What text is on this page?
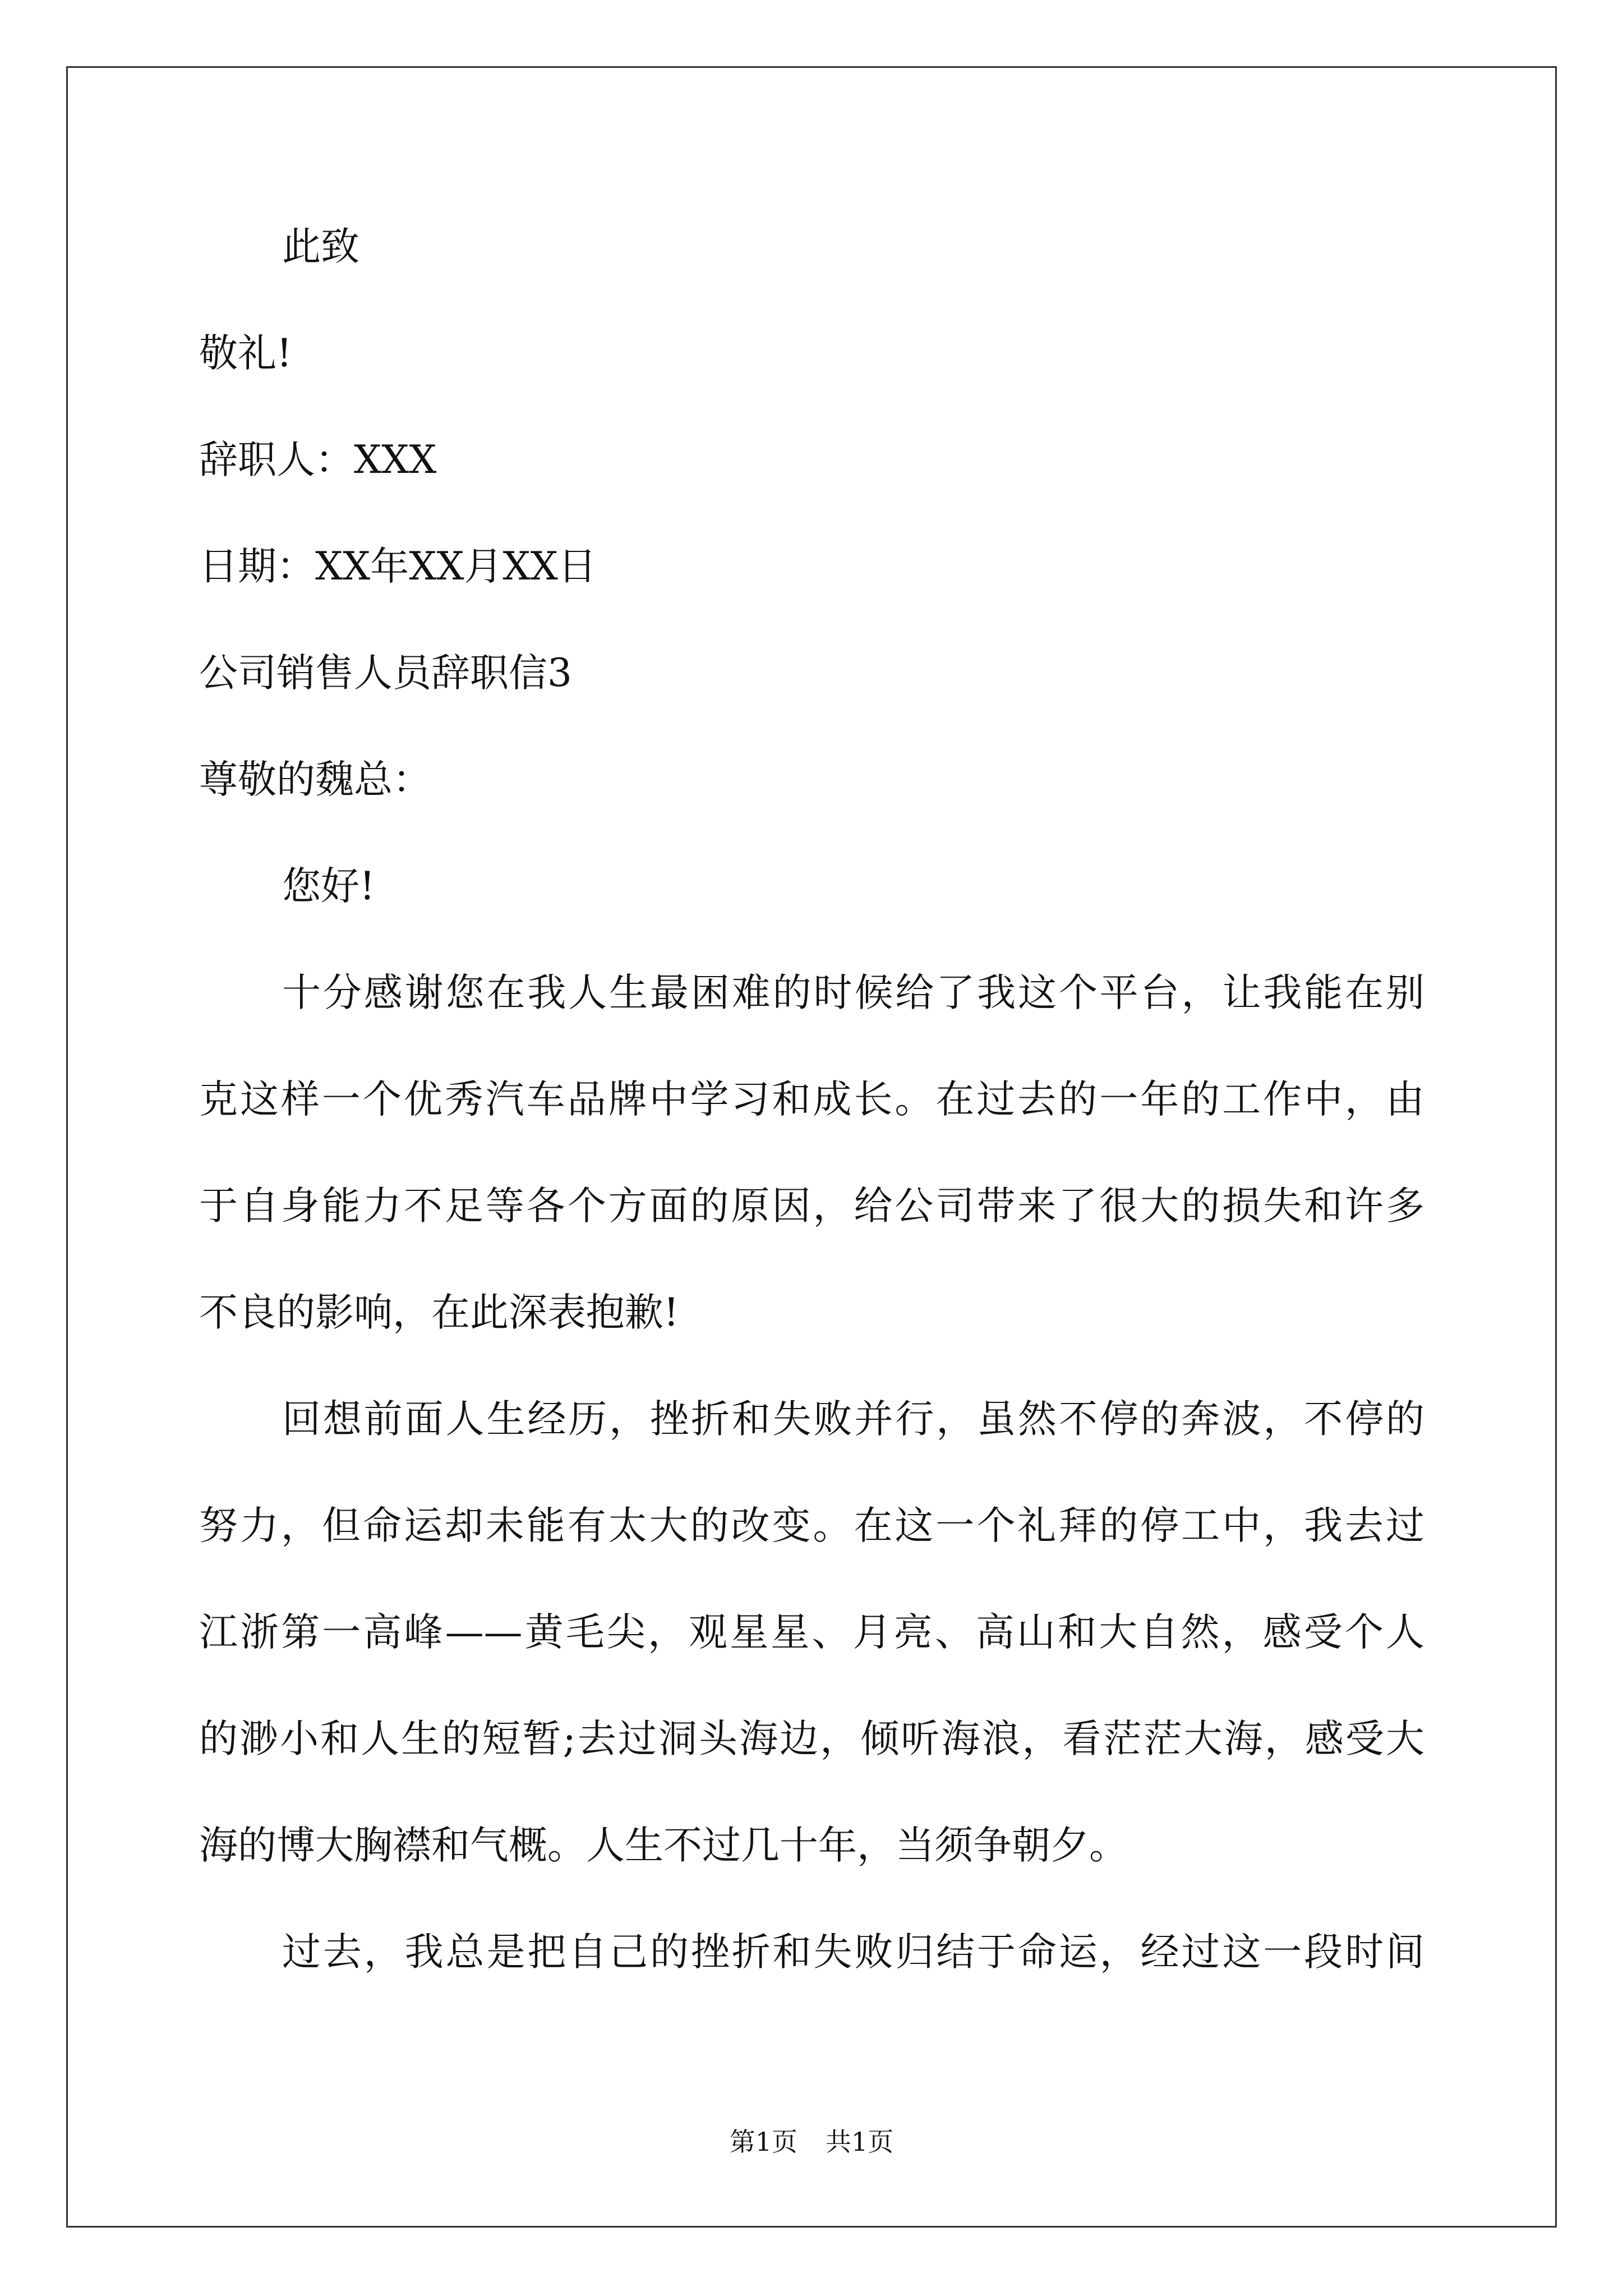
此致
敬礼!
辞职人：XXX
日期：XX年XX月XX日
公司销售人员辞职信3
尊敬的魏总：
您好!
十分感谢您在我人生最困难的时候给了我这个平台，让我能在别
克这样一个优秀汽车品牌中学习和成长。在过去的一年的工作中，由
于自身能力不足等各个方面的原因，给公司带来了很大的损失和许多
不良的影响，在此深表抱歉!
回想前面人生经历，挫折和失败并行，虽然不停的奔波，不停的
努力，但命运却未能有太大的改变。在这一个礼拜的停工中，我去过
江浙第一高峰——黄毛尖，观星星、月亮、高山和大自然，感受个人
的渺小和人生的短暂;去过洞头海边，倾听海浪，看茫茫大海，感受大
海的博大胸襟和气概。人生不过几十年，当须争朝夕。
过去，我总是把自己的挫折和失败归结于命运，经过这一段时间
第1页 共1页
